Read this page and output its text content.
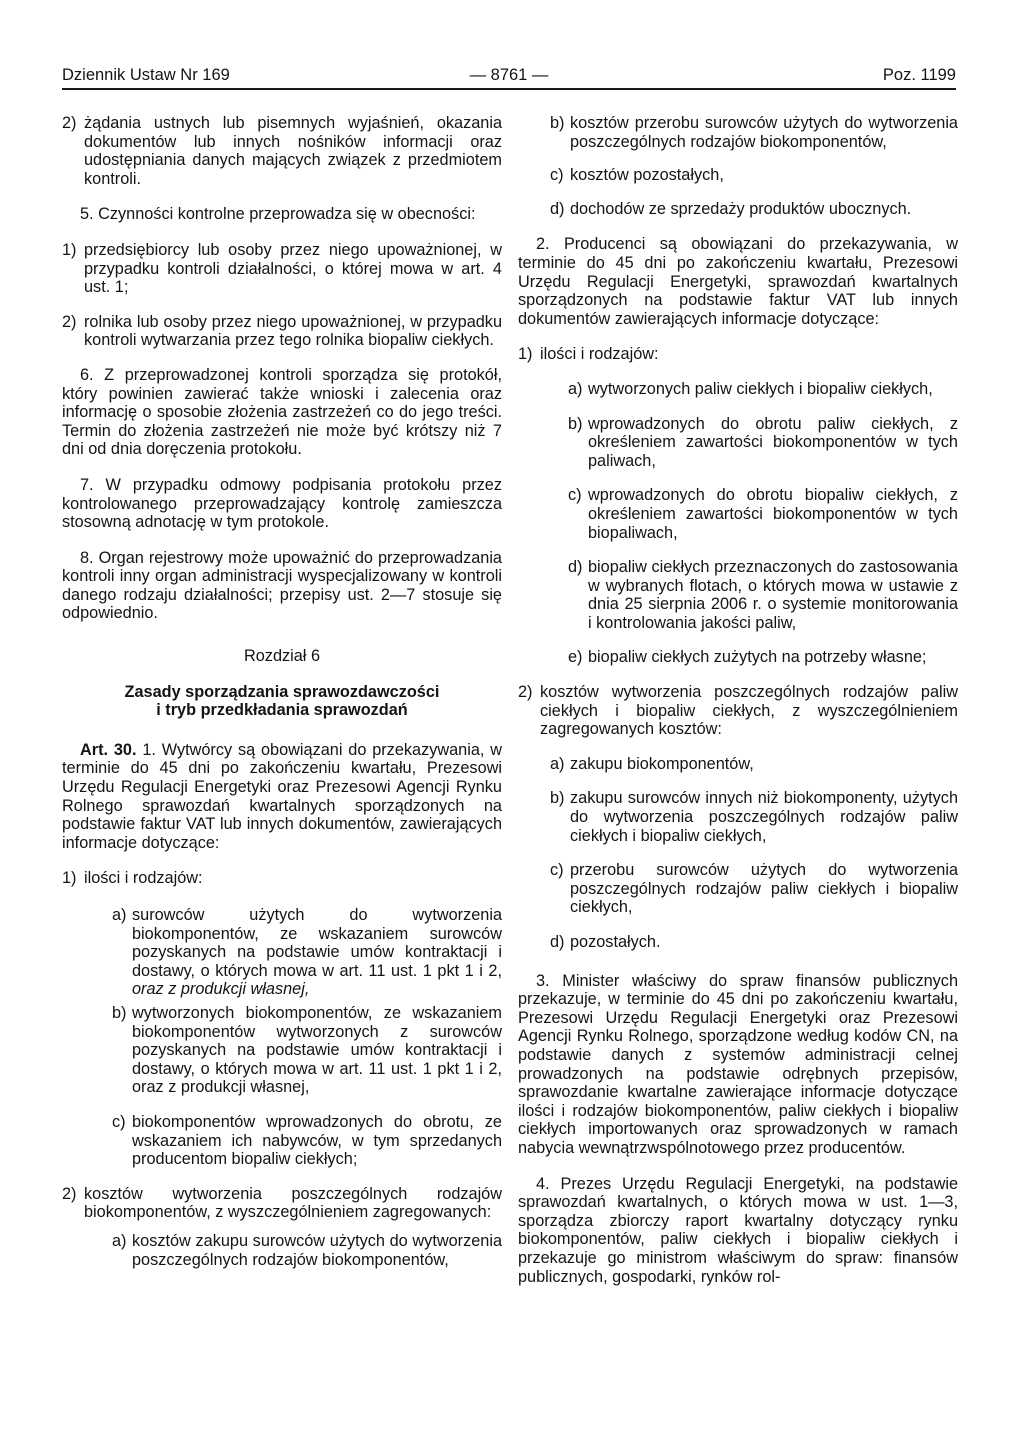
Dziennik Ustaw Nr 169	— 8761 —	Poz. 1199
2) żądania ustnych lub pisemnych wyjaśnień, okazania dokumentów lub innych nośników informacji oraz udostępniania danych mających związek z przedmiotem kontroli.

5. Czynności kontrolne przeprowadza się w obecności:

1) przedsiębiorcy lub osoby przez niego upoważnionej, w przypadku kontroli działalności, o której mowa w art. 4 ust. 1;
2) rolnika lub osoby przez niego upoważnionej, w przypadku kontroli wytwarzania przez tego rolnika biopaliw ciekłych.

6. Z przeprowadzonej kontroli sporządza się protokół, który powinien zawierać także wnioski i zalecenia oraz informację o sposobie złożenia zastrzeżeń co do jego treści. Termin do złożenia zastrzeżeń nie może być krótszy niż 7 dni od dnia doręczenia protokołu.

7. W przypadku odmowy podpisania protokołu przez kontrolowanego przeprowadzający kontrolę zamieszcza stosowną adnotację w tym protokole.

8. Organ rejestrowy może upoważnić do przeprowadzania kontroli inny organ administracji wyspecjalizowany w kontroli danego rodzaju działalności; przepisy ust. 2—7 stosuje się odpowiednio.

Rozdział 6

Zasady sporządzania sprawozdawczości

i tryb przedkładania sprawozdań

Art. 30. 1. Wytwórcy są obowiązani do przekazywania, w terminie do 45 dni po zakończeniu kwartału, Prezesowi Urzędu Regulacji Energetyki oraz Prezesowi Agencji Rynku Rolnego sprawozdań kwartalnych sporządzonych na podstawie faktur VAT lub innych dokumentów, zawierających informacje dotyczące:

1) ilości i rodzajów:
a) surowców użytych do wytworzenia biokomponentów, ze wskazaniem surowców pozyskanych na podstawie umów kontraktacji i dostawy, o których mowa w art. 11 ust. 1 pkt 1 i 2, oraz z produkcji własnej,
b) wytworzonych biokomponentów, ze wskazaniem biokomponentów wytworzonych z surowców pozyskanych na podstawie umów kontraktacji i dostawy, o których mowa w art. 11 ust. 1 pkt 1 i 2, oraz z produkcji własnej,
c) biokomponentów wprowadzonych do obrotu, ze wskazaniem ich nabywców, w tym sprzedanych producentom biopaliw ciekłych;
2) kosztów wytworzenia poszczególnych rodzajów biokomponentów, z wyszczególnieniem zagregowanych:
a) kosztów zakupu surowców użytych do wytworzenia poszczególnych rodzajów biokomponentów,
b) kosztów przerobu surowców użytych do wytworzenia poszczególnych rodzajów biokomponentów,
c) kosztów pozostałych,
d) dochodów ze sprzedaży produktów ubocznych.

2. Producenci są obowiązani do przekazywania, w terminie do 45 dni po zakończeniu kwartału, Prezesowi Urzędu Regulacji Energetyki, sprawozdań kwartalnych sporządzonych na podstawie faktur VAT lub innych dokumentów zawierających informacje dotyczące:

1) ilości i rodzajów:
a) wytworzonych paliw ciekłych i biopaliw ciekłych,
b) wprowadzonych do obrotu paliw ciekłych, z określeniem zawartości biokomponentów w tych paliwach,
c) wprowadzonych do obrotu biopaliw ciekłych, z określeniem zawartości biokomponentów w tych biopaliwach,
d) biopaliw ciekłych przeznaczonych do zastosowania w wybranych flotach, o których mowa w ustawie z dnia 25 sierpnia 2006 r. o systemie monitorowania i kontrolowania jakości paliw,
e) biopaliw ciekłych zużytych na potrzeby własne;
2) kosztów wytworzenia poszczególnych rodzajów paliw ciekłych i biopaliw ciekłych, z wyszczególnieniem zagregowanych kosztów:
a) zakupu biokomponentów,
b) zakupu surowców innych niż biokomponenty, użytych do wytworzenia poszczególnych rodzajów paliw ciekłych i biopaliw ciekłych,
c) przerobu surowców użytych do wytworzenia poszczególnych rodzajów paliw ciekłych i biopaliw ciekłych,
d) pozostałych.

3. Minister właściwy do spraw finansów publicznych przekazuje, w terminie do 45 dni po zakończeniu kwartału, Prezesowi Urzędu Regulacji Energetyki oraz Prezesowi Agencji Rynku Rolnego, sporządzone według kodów CN, na podstawie danych z systemów administracji celnej prowadzonych na podstawie odrębnych przepisów, sprawozdanie kwartalne zawierające informacje dotyczące ilości i rodzajów biokomponentów, paliw ciekłych i biopaliw ciekłych importowanych oraz sprowadzonych w ramach nabycia wewnątrzwspólnotowego przez producentów.

4. Prezes Urzędu Regulacji Energetyki, na podstawie sprawozdań kwartalnych, o których mowa w ust. 1—3, sporządza zbiorczy raport kwartalny dotyczący rynku biokomponentów, paliw ciekłych i biopaliw ciekłych i przekazuje go ministrom właściwym do spraw: finansów publicznych, gospodarki, rynków rol-
